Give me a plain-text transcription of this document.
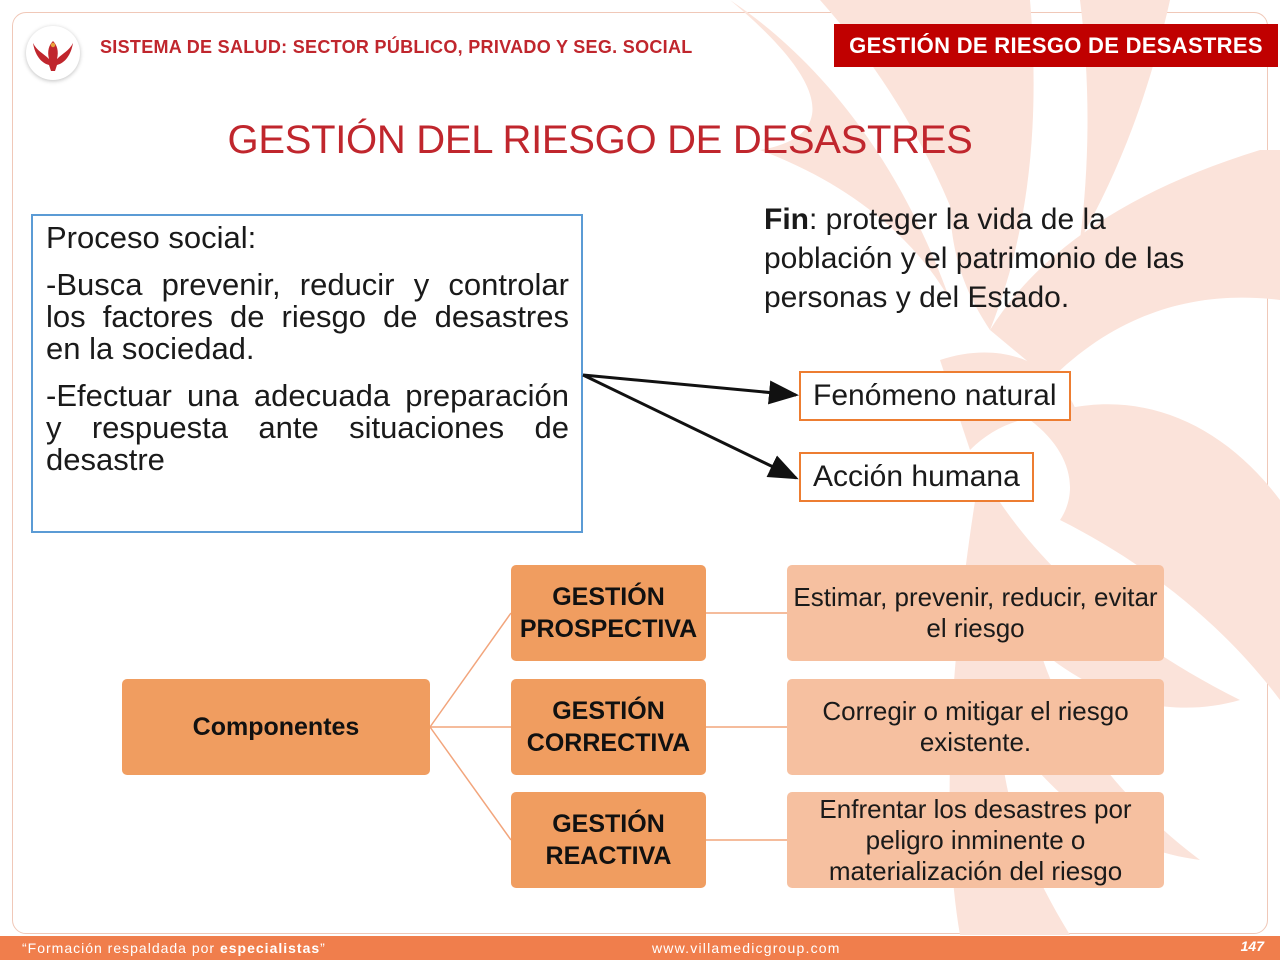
SISTEMA DE SALUD: SECTOR PÚBLICO, PRIVADO Y SEG. SOCIAL	GESTIÓN DE RIESGO DE DESASTRES
GESTIÓN DEL RIESGO DE DESASTRES

Proceso social:

-Busca prevenir, reducir y controlar los factores de riesgo de desastres en la sociedad.

-Efectuar una adecuada preparación y respuesta ante situaciones de desastre

Fin: proteger la vida de la población y el patrimonio de las personas y del Estado.
Fenómeno natural
Acción humana
Componentes
GESTIÓN
PROSPECTIVA
GESTIÓN
CORRECTIVA
GESTIÓN
REACTIVA
Estimar, prevenir, reducir, evitar el riesgo
Corregir o mitigar el riesgo existente.
Enfrentar los desastres por peligro inminente o materialización del riesgo
“Formación respaldada por especialistas”	www.villamedicgroup.com	147
